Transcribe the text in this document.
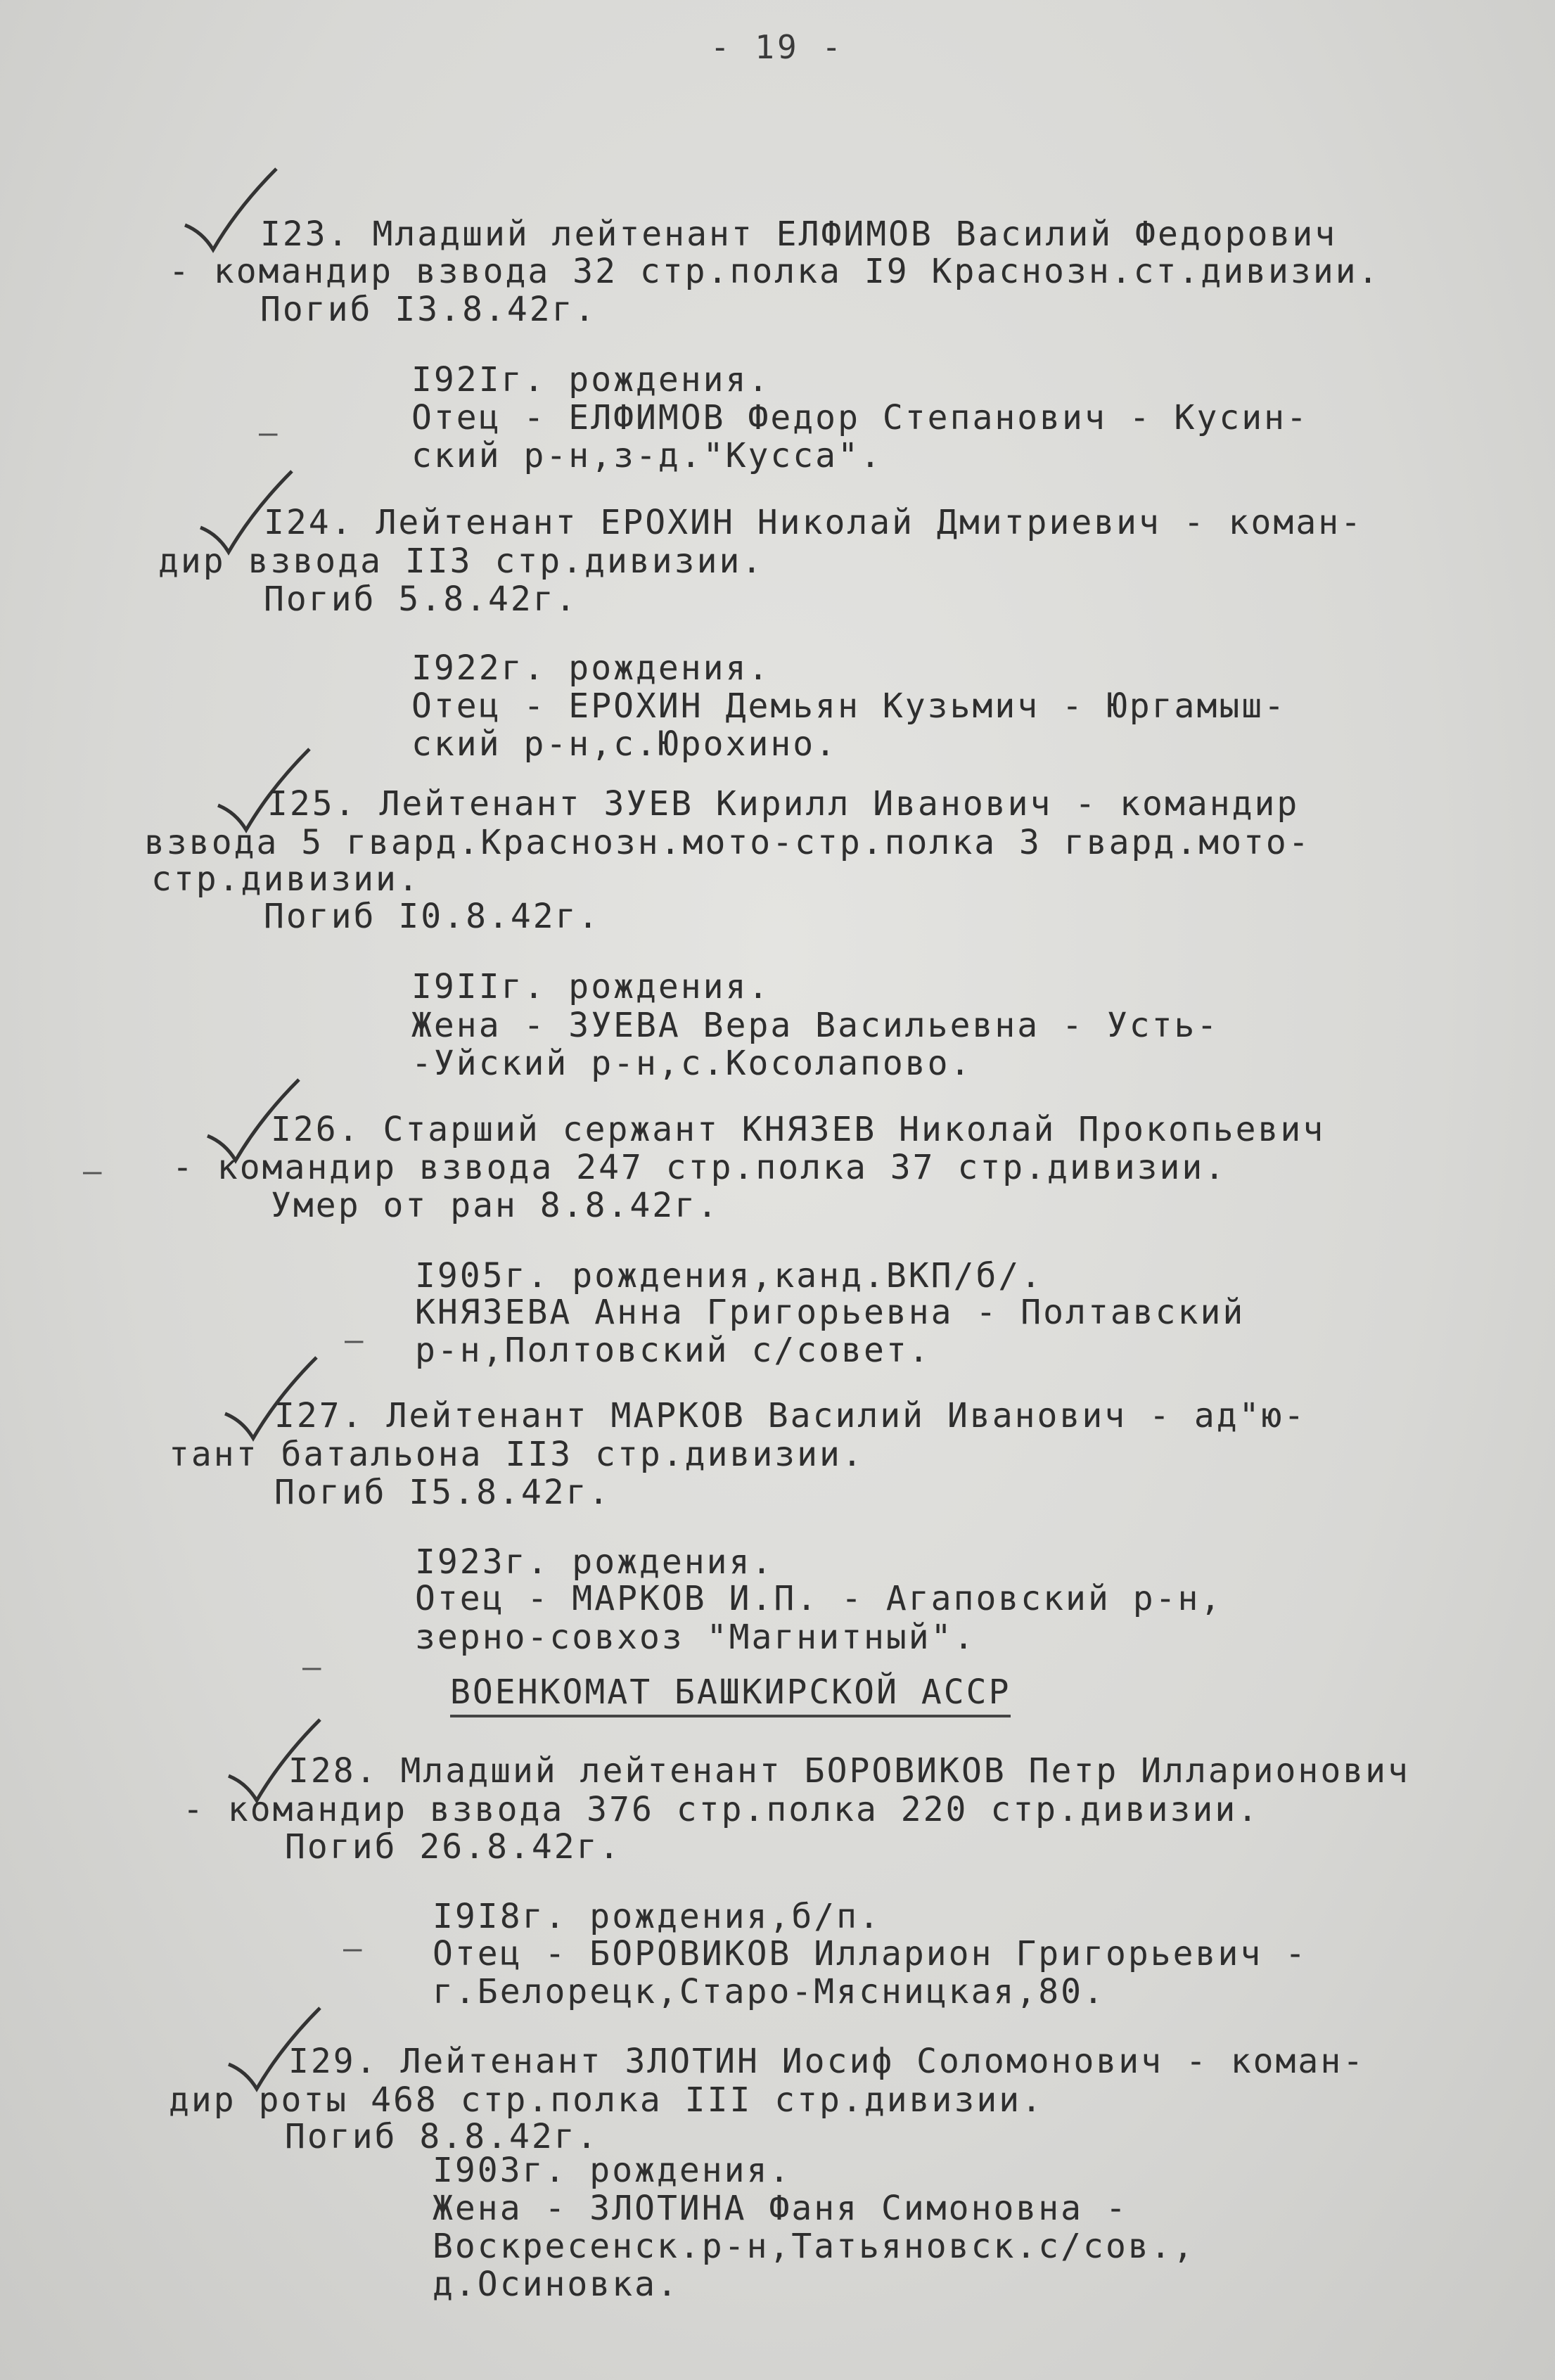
- 19 -
I23. Младший лейтенант ЕЛФИМОВ Василий Федорович
- командир взвода 32 стр.полка I9 Краснозн.ст.дивизии.
Погиб I3.8.42г.
I92Iг. рождения.
Отец - ЕЛФИМОВ Федор Степанович - Кусин-
ский р-н,з-д."Кусса".
I24. Лейтенант ЕРОХИН Николай Дмитриевич - коман-
дир взвода II3 стр.дивизии.
Погиб 5.8.42г.
I922г. рождения.
Отец - ЕРОХИН Демьян Кузьмич - Юргамыш-
ский р-н,с.Юрохино.
I25. Лейтенант ЗУЕВ Кирилл Иванович - командир
взвода 5 гвард.Краснозн.мото-стр.полка 3 гвард.мото-
стр.дивизии.
Погиб I0.8.42г.
I9IIг. рождения.
Жена - ЗУЕВА Вера Васильевна - Усть-
-Уйский р-н,с.Косолапово.
I26. Старший сержант КНЯЗЕВ Николай Прокопьевич
- командир взвода 247 стр.полка 37 стр.дивизии.
Умер от ран 8.8.42г.
I905г. рождения,канд.ВКП/б/.
КНЯЗЕВА Анна Григорьевна - Полтавский
р-н,Полтовский с/совет.
I27. Лейтенант МАРКОВ Василий Иванович - ад"ю-
тант батальона II3 стр.дивизии.
Погиб I5.8.42г.
I923г. рождения.
Отец - МАРКОВ И.П. - Агаповский р-н,
зерно-совхоз "Магнитный".
ВОЕНКОМАТ БАШКИРСКОЙ АССР
I28. Младший лейтенант БОРОВИКОВ Петр Илларионович
- командир взвода 376 стр.полка 220 стр.дивизии.
Погиб 26.8.42г.
I9I8г. рождения,б/п.
Отец - БОРОВИКОВ Илларион Григорьевич -
г.Белорецк,Старо-Мясницкая,80.
I29. Лейтенант ЗЛОТИН Иосиф Соломонович - коман-
дир роты 468 стр.полка III стр.дивизии.
Погиб 8.8.42г.
I903г. рождения.
Жена - ЗЛОТИНА Фаня Симоновна -
Воскресенск.р-н,Татьяновск.с/сов.,
д.Осиновка.
–
–
–
–
–
